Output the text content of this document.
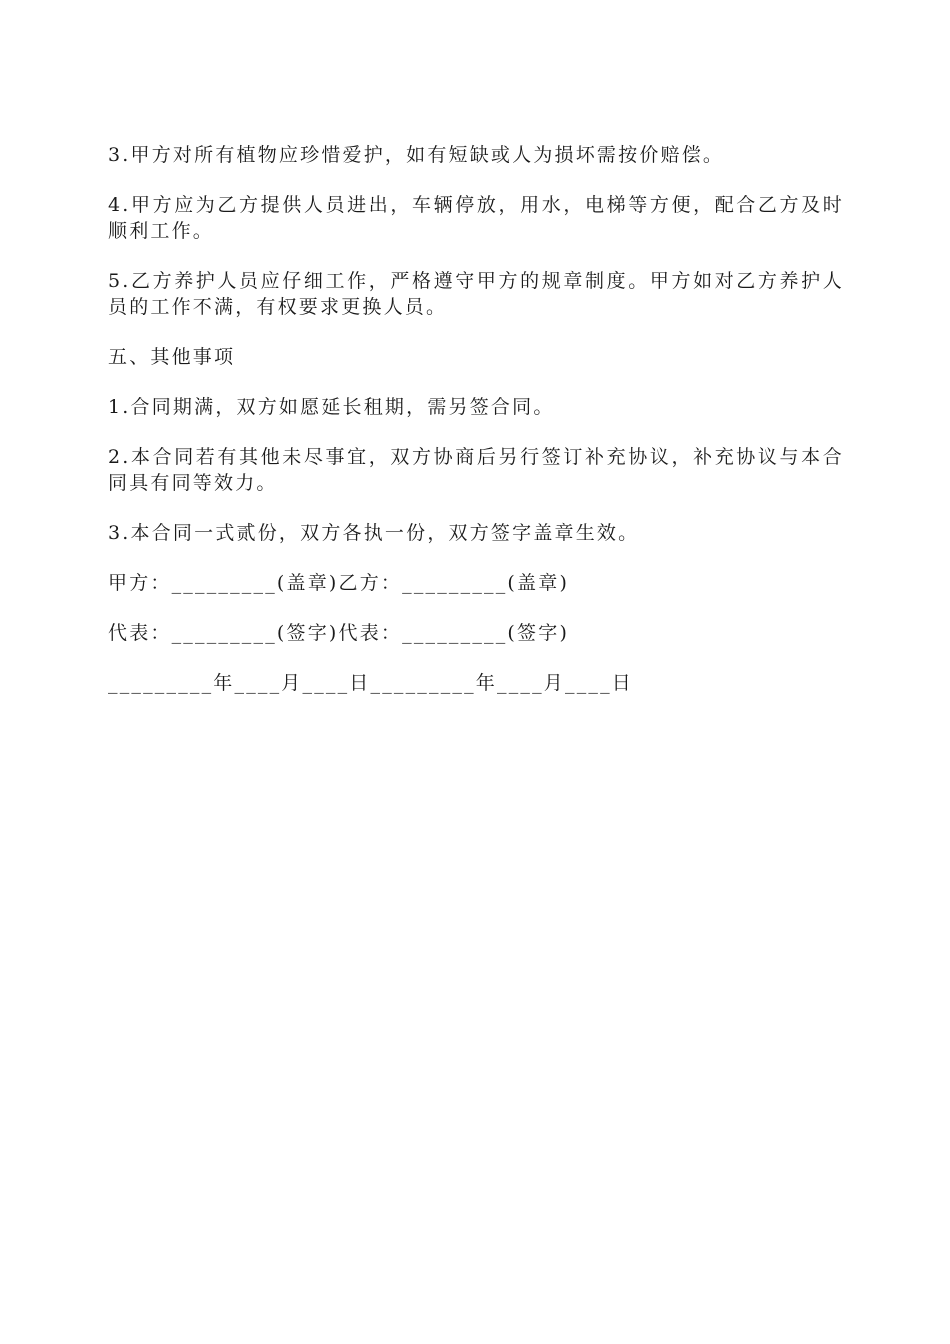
3.甲方对所有植物应珍惜爱护，如有短缺或人为损坏需按价赔偿。

4.甲方应为乙方提供人员进出，车辆停放，用水，电梯等方便，配合乙方及时顺利工作。

5.乙方养护人员应仔细工作，严格遵守甲方的规章制度。甲方如对乙方养护人员的工作不满，有权要求更换人员。

五、其他事项

1.合同期满，双方如愿延长租期，需另签合同。

2.本合同若有其他未尽事宜，双方协商后另行签订补充协议，补充协议与本合同具有同等效力。

3.本合同一式贰份，双方各执一份，双方签字盖章生效。

甲方：_________(盖章)乙方：_________(盖章)

代表：_________(签字)代表：_________(签字)

_________年____月____日_________年____月____日
